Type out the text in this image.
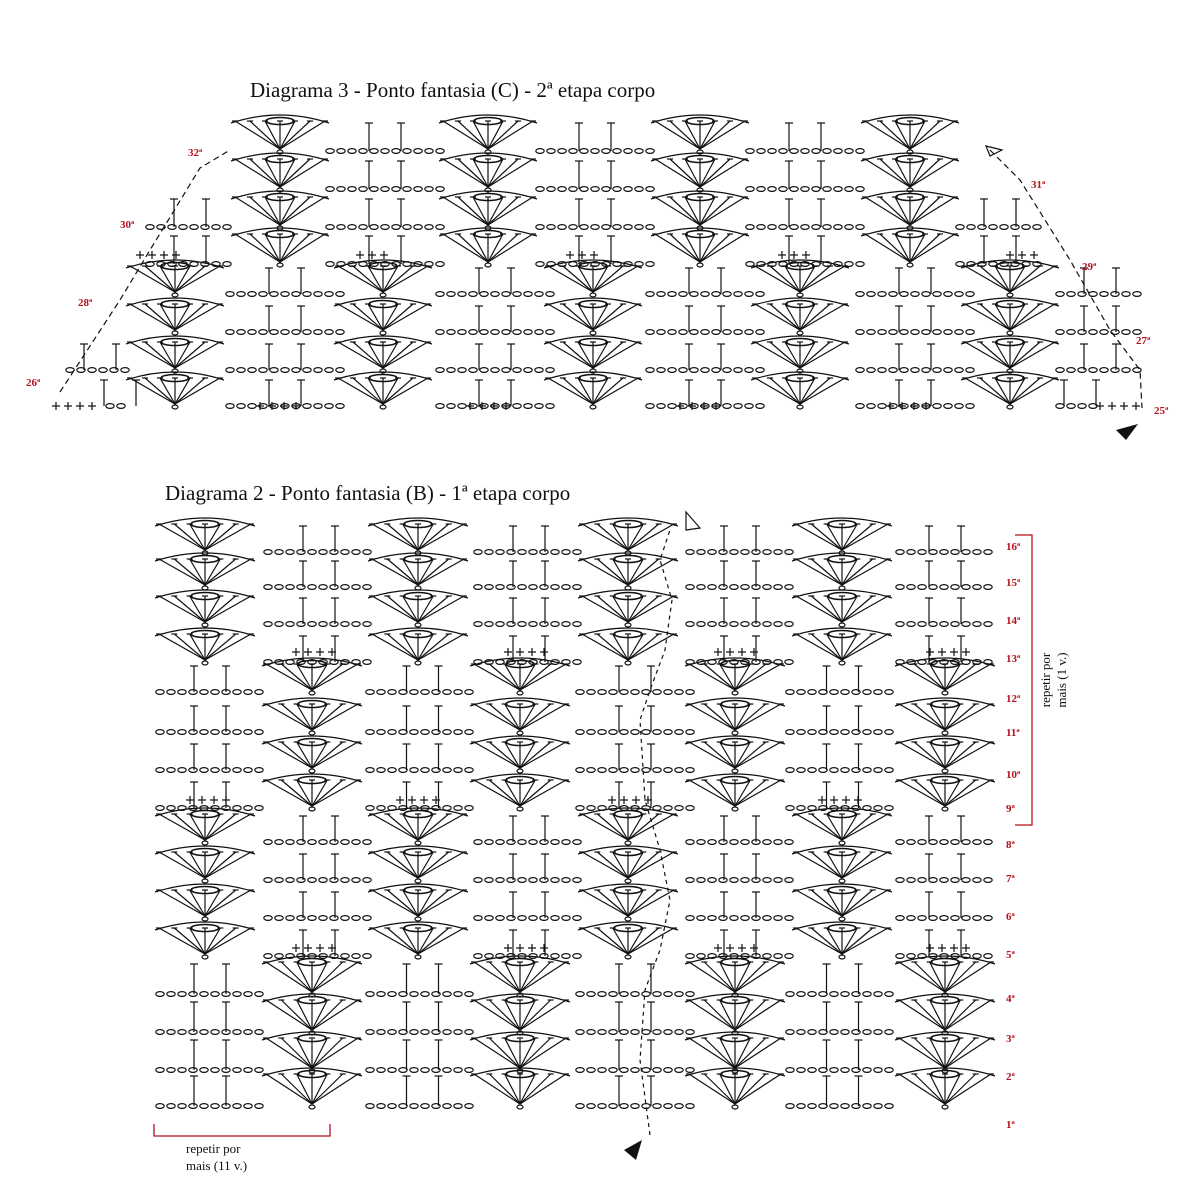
Diagrama 3 - Ponto fantasia (C) - 2ª etapa corpo
25ª
26ª
27ª
28ª
29ª
30ª
31ª
32ª
Diagrama 2 - Ponto fantasia (B) - 1ª etapa corpo
1ª
2ª
3ª
4ª
5ª
6ª
7ª
8ª
9ª
10ª
11ª
12ª
13ª
14ª
15ª
16ª
repetir por mais (1 v.)
repetir por
mais (11 v.)
